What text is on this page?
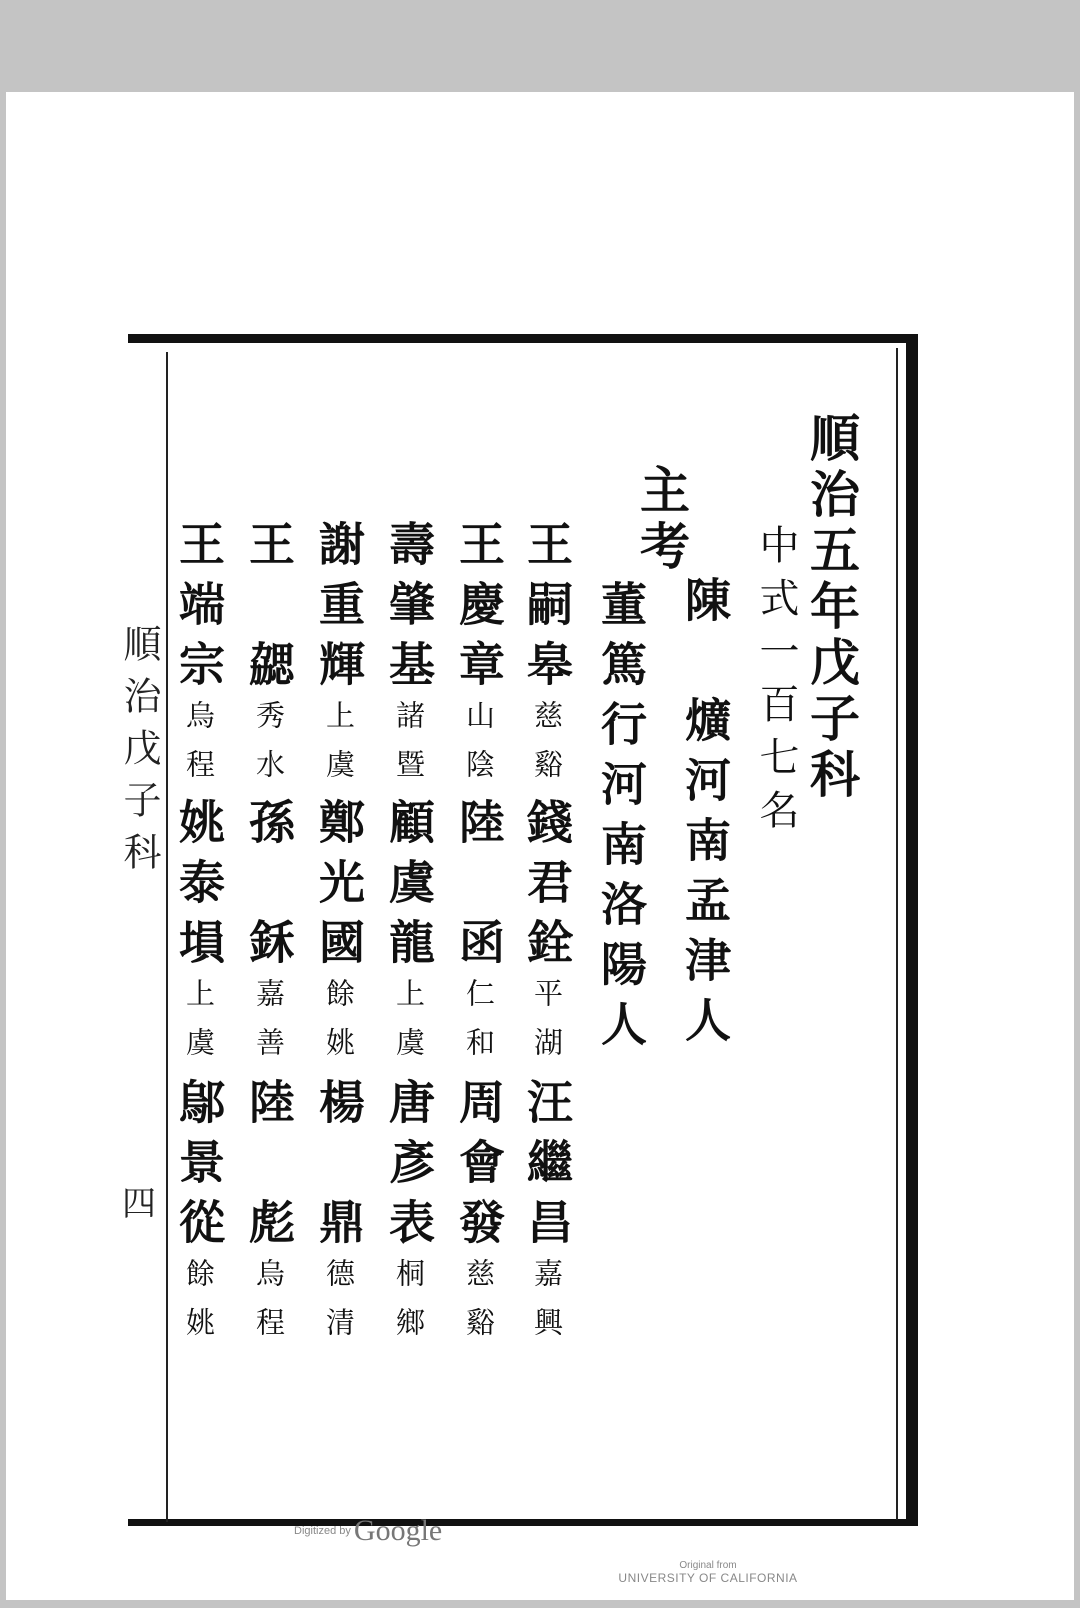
順治五年戊子科
中式一百七名
主考
陳　爌河南孟津人
董篤行河南洛陽人
王嗣皋慈谿
錢君銓平湖
汪繼昌嘉興
王慶章山陰
陸　函仁和
周會發慈谿
壽肇基諸暨
顧虞龍上虞
唐彥表桐鄉
謝重輝上虞
鄭光國餘姚
楊　鼎德清
王　勰秀水
孫　鉌嘉善
陸　彪烏程
王端宗烏程
姚泰塤上虞
鄔景從餘姚
順治戊子科
四
Digitized by Google
Original from
UNIVERSITY OF CALIFORNIA
